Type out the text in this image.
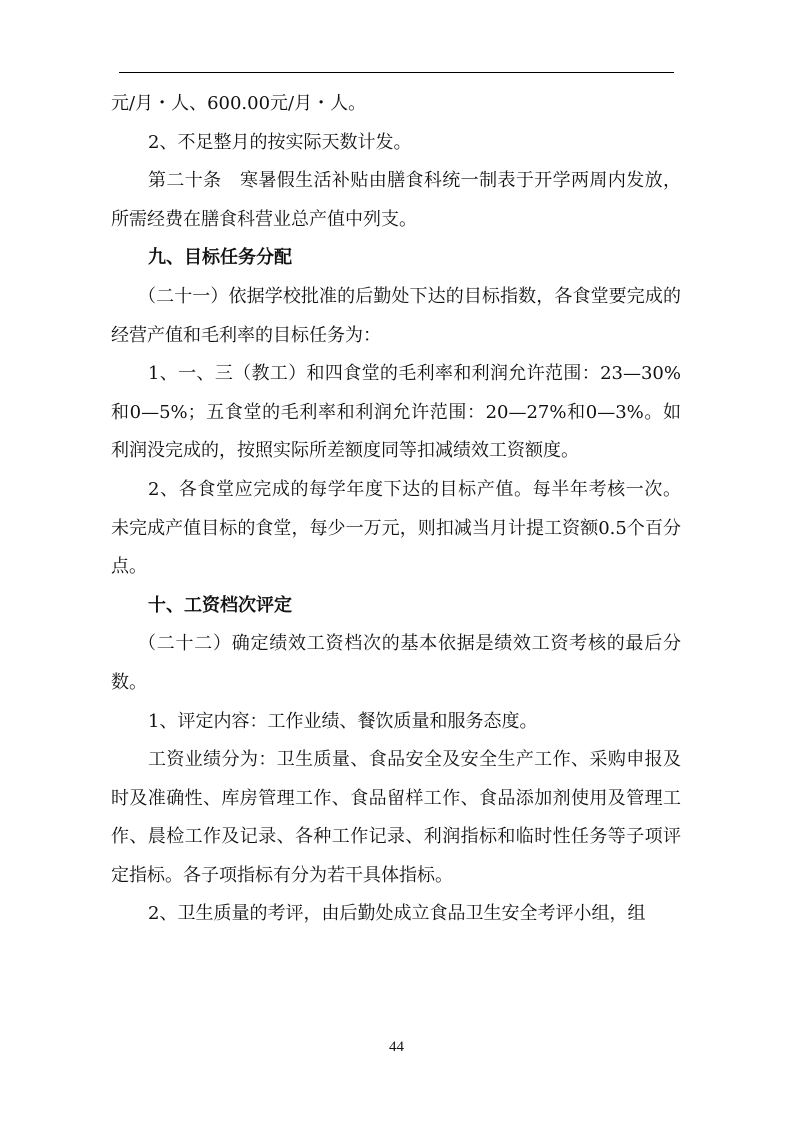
元/月・人、600.00元/月・人。

2、不足整月的按实际天数计发。

第二十条　寒暑假生活补贴由膳食科统一制表于开学两周内发放，所需经费在膳食科营业总产值中列支。

九、目标任务分配

（二十一）依据学校批准的后勤处下达的目标指数，各食堂要完成的经营产值和毛利率的目标任务为：

1、一、三（教工）和四食堂的毛利率和利润允许范围：23—30%和0—5%；五食堂的毛利率和利润允许范围：20—27%和0—3%。如利润没完成的，按照实际所差额度同等扣减绩效工资额度。

2、各食堂应完成的每学年度下达的目标产值。每半年考核一次。未完成产值目标的食堂，每少一万元，则扣减当月计提工资额0.5个百分点。

十、工资档次评定

（二十二）确定绩效工资档次的基本依据是绩效工资考核的最后分数。

1、评定内容：工作业绩、餐饮质量和服务态度。

工资业绩分为：卫生质量、食品安全及安全生产工作、采购申报及时及准确性、库房管理工作、食品留样工作、食品添加剂使用及管理工作、晨检工作及记录、各种工作记录、利润指标和临时性任务等子项评定指标。各子项指标有分为若干具体指标。

2、卫生质量的考评，由后勤处成立食品卫生安全考评小组，组

44
